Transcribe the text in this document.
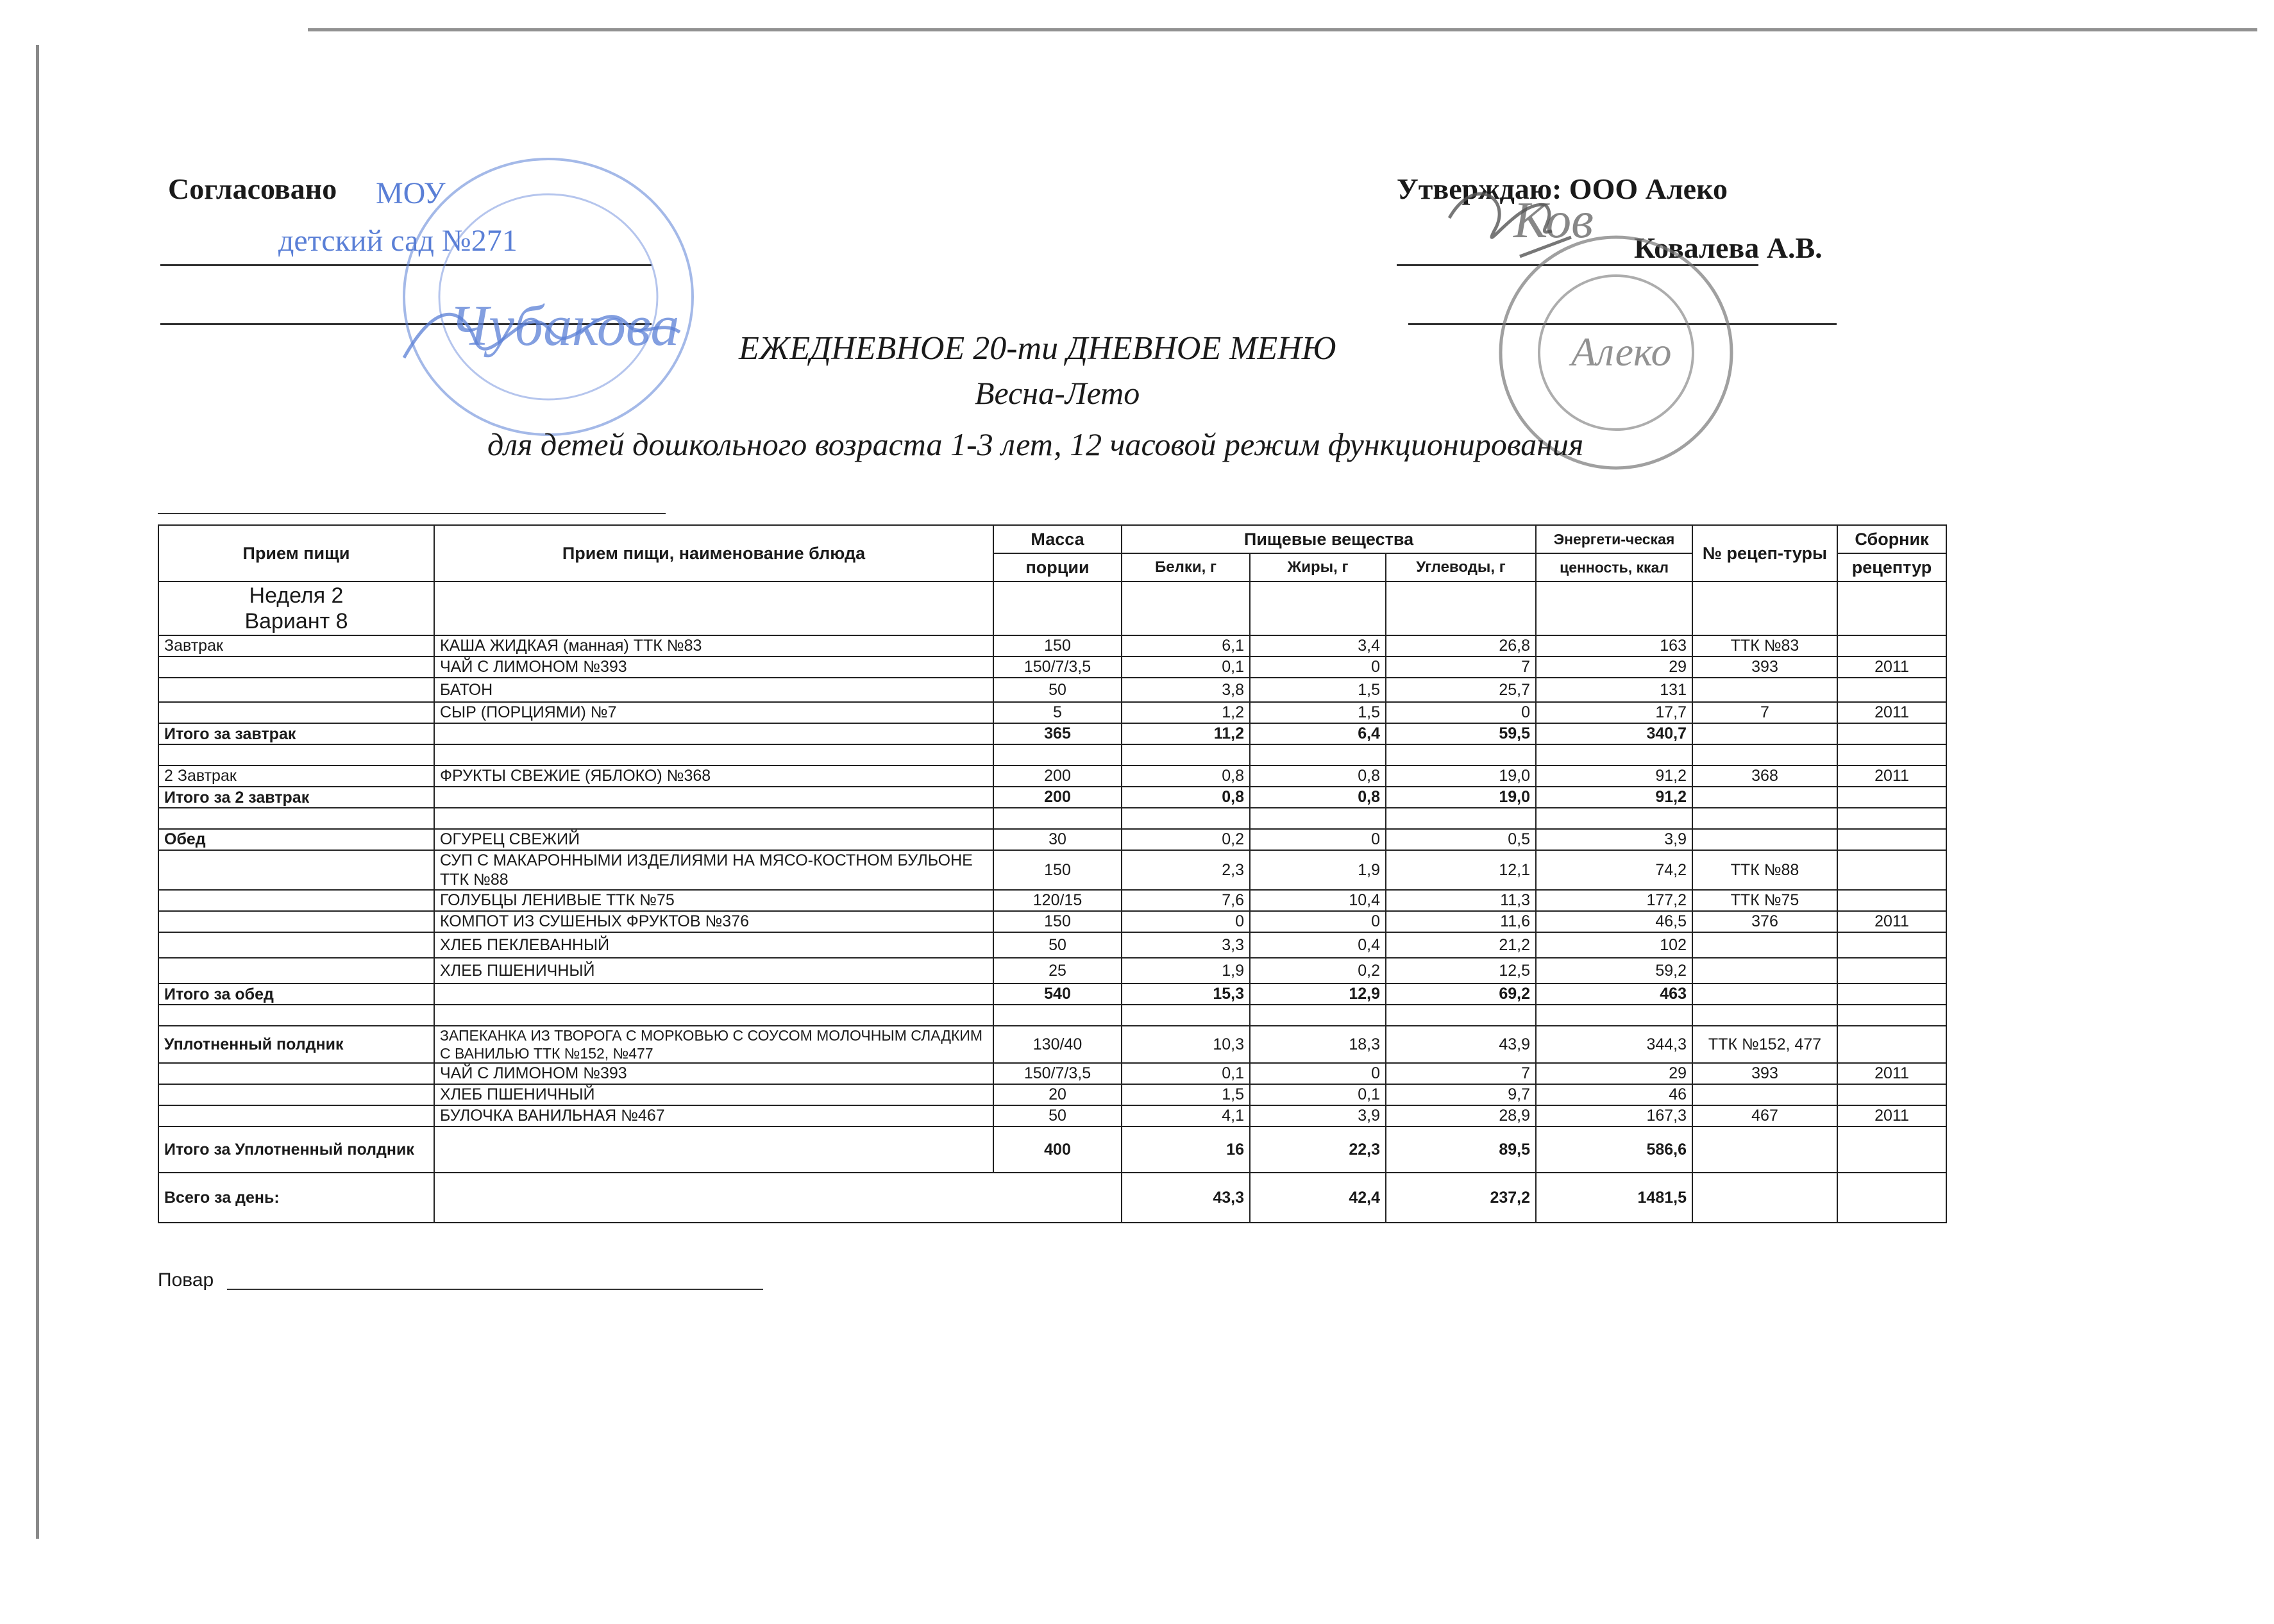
Согласовано МОУ
детский сад №271
Чубакова
Утверждаю: ООО Алеко
Ковалева А.В.
Алеко
Ков
ЕЖЕДНЕВНОЕ 20-ти ДНЕВНОЕ МЕНЮ
Весна-Лето
для детей дошкольного возраста 1-3 лет, 12 часовой режим функционирования
Прием пищи	Прием пищи, наименование блюда	Масса	Пищевые вещества			Энергети-ческая	№ рецеп-туры	Сборник
		порции	Белки, г	Жиры, г	Углеводы, г	ценность, ккал		рецептур

Неделя 2
Вариант 8								

Завтрак	КАША ЖИДКАЯ (манная) ТТК №83	150	6,1	3,4	26,8	163	ТТК №83	
	ЧАЙ С ЛИМОНОМ №393	150/7/3,5	0,1	0	7	29	393	2011
	БАТОН	50	3,8	1,5	25,7	131		
	СЫР (ПОРЦИЯМИ) №7	5	1,2	1,5	0	17,7	7	2011
Итого за завтрак		365	11,2	6,4	59,5	340,7		

2 Завтрак	ФРУКТЫ СВЕЖИЕ (ЯБЛОКО) №368	200	0,8	0,8	19,0	91,2	368	2011
Итого за 2 завтрак		200	0,8	0,8	19,0	91,2		

Обед	ОГУРЕЦ СВЕЖИЙ	30	0,2	0	0,5	3,9		
	СУП С МАКАРОННЫМИ ИЗДЕЛИЯМИ НА МЯСО-КОСТНОМ БУЛЬОНЕ ТТК №88	150	2,3	1,9	12,1	74,2	ТТК №88	
	ГОЛУБЦЫ ЛЕНИВЫЕ ТТК №75	120/15	7,6	10,4	11,3	177,2	ТТК №75	
	КОМПОТ ИЗ СУШЕНЫХ ФРУКТОВ №376	150	0	0	11,6	46,5	376	2011
	ХЛЕБ ПЕКЛЕВАННЫЙ	50	3,3	0,4	21,2	102		
	ХЛЕБ ПШЕНИЧНЫЙ	25	1,9	0,2	12,5	59,2		
Итого за обед		540	15,3	12,9	69,2	463		

Уплотненный полдник	ЗАПЕКАНКА ИЗ ТВОРОГА С МОРКОВЬЮ С СОУСОМ МОЛОЧНЫМ СЛАДКИМ С ВАНИЛЬЮ ТТК №152, №477	130/40	10,3	18,3	43,9	344,3	ТТК №152, 477	
	ЧАЙ С ЛИМОНОМ №393	150/7/3,5	0,1	0	7	29	393	2011
	ХЛЕБ ПШЕНИЧНЫЙ	20	1,5	0,1	9,7	46		
	БУЛОЧКА ВАНИЛЬНАЯ №467	50	4,1	3,9	28,9	167,3	467	2011
Итого за Уплотненный полдник		400	16	22,3	89,5	586,6		
Всего за день:			43,3	42,4	237,2	1481,5		
Повар
